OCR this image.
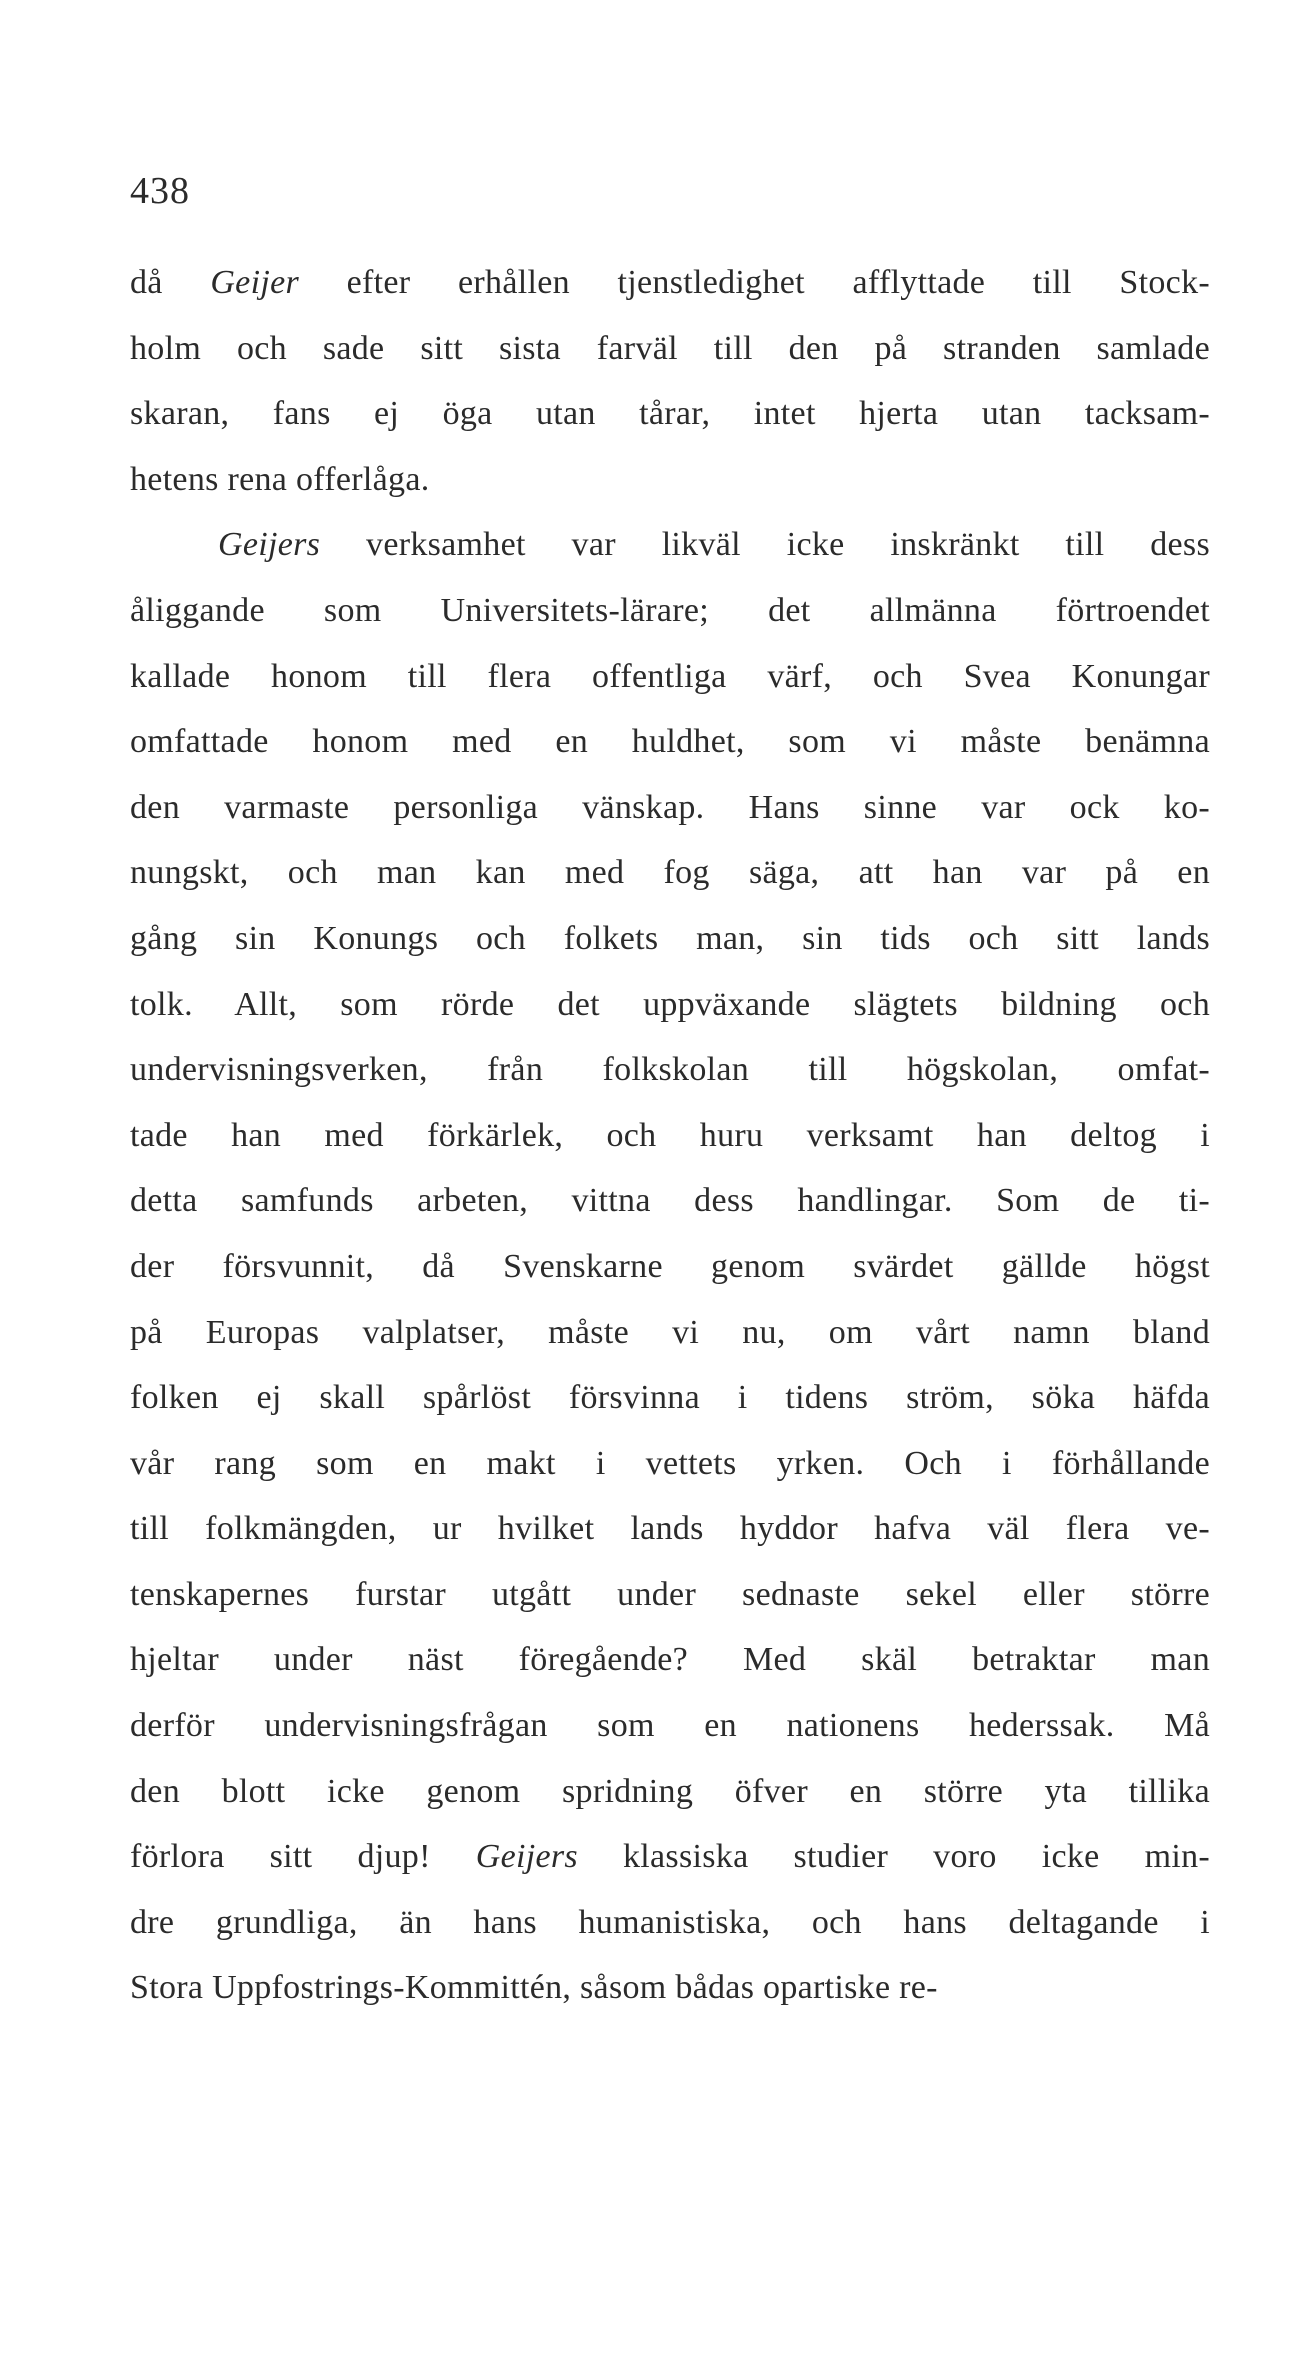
438
då Geijer efter erhållen tjenstledighet afflyttade till Stock-
holm och sade sitt sista farväl till den på stranden samlade
skaran, fans ej öga utan tårar, intet hjerta utan tacksam-
hetens rena offerlåga.
Geijers verksamhet var likväl icke inskränkt till dess
åliggande som Universitets-lärare; det allmänna förtroendet
kallade honom till flera offentliga värf, och Svea Konungar
omfattade honom med en huldhet, som vi måste benämna
den varmaste personliga vänskap. Hans sinne var ock ko-
nungskt, och man kan med fog säga, att han var på en
gång sin Konungs och folkets man, sin tids och sitt lands
tolk. Allt, som rörde det uppväxande slägtets bildning och
undervisningsverken, från folkskolan till högskolan, omfat-
tade han med förkärlek, och huru verksamt han deltog i
detta samfunds arbeten, vittna dess handlingar. Som de ti-
der försvunnit, då Svenskarne genom svärdet gällde högst
på Europas valplatser, måste vi nu, om vårt namn bland
folken ej skall spårlöst försvinna i tidens ström, söka häfda
vår rang som en makt i vettets yrken. Och i förhållande
till folkmängden, ur hvilket lands hyddor hafva väl flera ve-
tenskapernes furstar utgått under sednaste sekel eller större
hjeltar under näst föregående? Med skäl betraktar man
derför undervisningsfrågan som en nationens hederssak. Må
den blott icke genom spridning öfver en större yta tillika
förlora sitt djup! Geijers klassiska studier voro icke min-
dre grundliga, än hans humanistiska, och hans deltagande i
Stora Uppfostrings-Kommittén, såsom bådas opartiske re-
